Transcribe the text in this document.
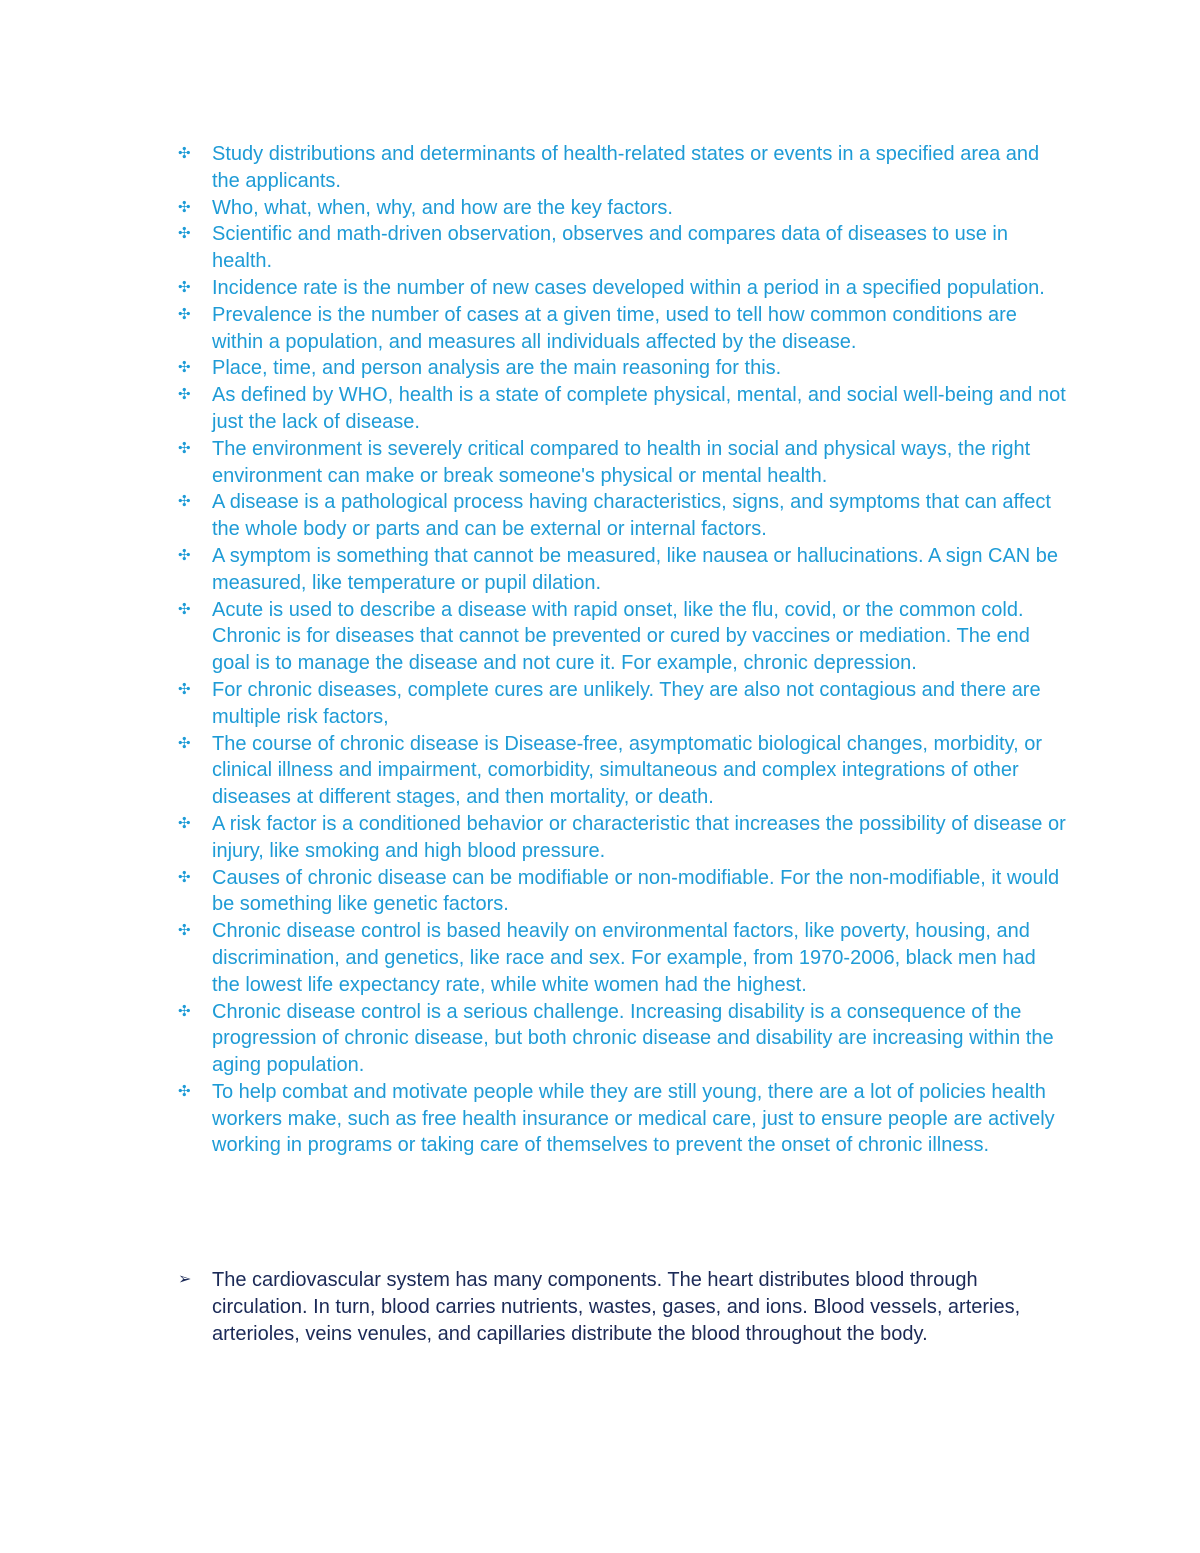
✣	Study distributions and determinants of health-related states or events in a specified area and the applicants.
✣	Who, what, when, why, and how are the key factors.
✣	Scientific and math-driven observation, observes and compares data of diseases to use in health.
✣	Incidence rate is the number of new cases developed within a period in a specified population.
✣	Prevalence is the number of cases at a given time, used to tell how common conditions are within a population, and measures all individuals affected by the disease.
✣	Place, time, and person analysis are the main reasoning for this.
✣	As defined by WHO, health is a state of complete physical, mental, and social well-being and not just the lack of disease.
✣	The environment is severely critical compared to health in social and physical ways, the right environment can make or break someone's physical or mental health.
✣	A disease is a pathological process having characteristics, signs, and symptoms that can affect the whole body or parts and can be external or internal factors.
✣	A symptom is something that cannot be measured, like nausea or hallucinations. A sign CAN be measured, like temperature or pupil dilation.
✣	Acute is used to describe a disease with rapid onset, like the flu, covid, or the common cold. Chronic is for diseases that cannot be prevented or cured by vaccines or mediation. The end goal is to manage the disease and not cure it. For example, chronic depression.
✣	For chronic diseases, complete cures are unlikely. They are also not contagious and there are multiple risk factors,
✣	The course of chronic disease is Disease-free, asymptomatic biological changes, morbidity, or clinical illness and impairment, comorbidity, simultaneous and complex integrations of other diseases at different stages, and then mortality, or death.
✣	A risk factor is a conditioned behavior or characteristic that increases the possibility of disease or injury, like smoking and high blood pressure.
✣	Causes of chronic disease can be modifiable or non-modifiable. For the non-modifiable, it would be something like genetic factors.
✣	Chronic disease control is based heavily on environmental factors, like poverty, housing, and discrimination, and genetics, like race and sex. For example, from 1970-2006, black men had the lowest life expectancy rate, while white women had the highest.
✣	Chronic disease control is a serious challenge. Increasing disability is a consequence of the progression of chronic disease, but both chronic disease and disability are increasing within the aging population.
✣	To help combat and motivate people while they are still young, there are a lot of policies health workers make, such as free health insurance or medical care, just to ensure people are actively working in programs or taking care of themselves to prevent the onset of chronic illness.
➢	The cardiovascular system has many components. The heart distributes blood through circulation. In turn, blood carries nutrients, wastes, gases, and ions. Blood vessels, arteries, arterioles, veins venules, and capillaries distribute the blood throughout the body.
